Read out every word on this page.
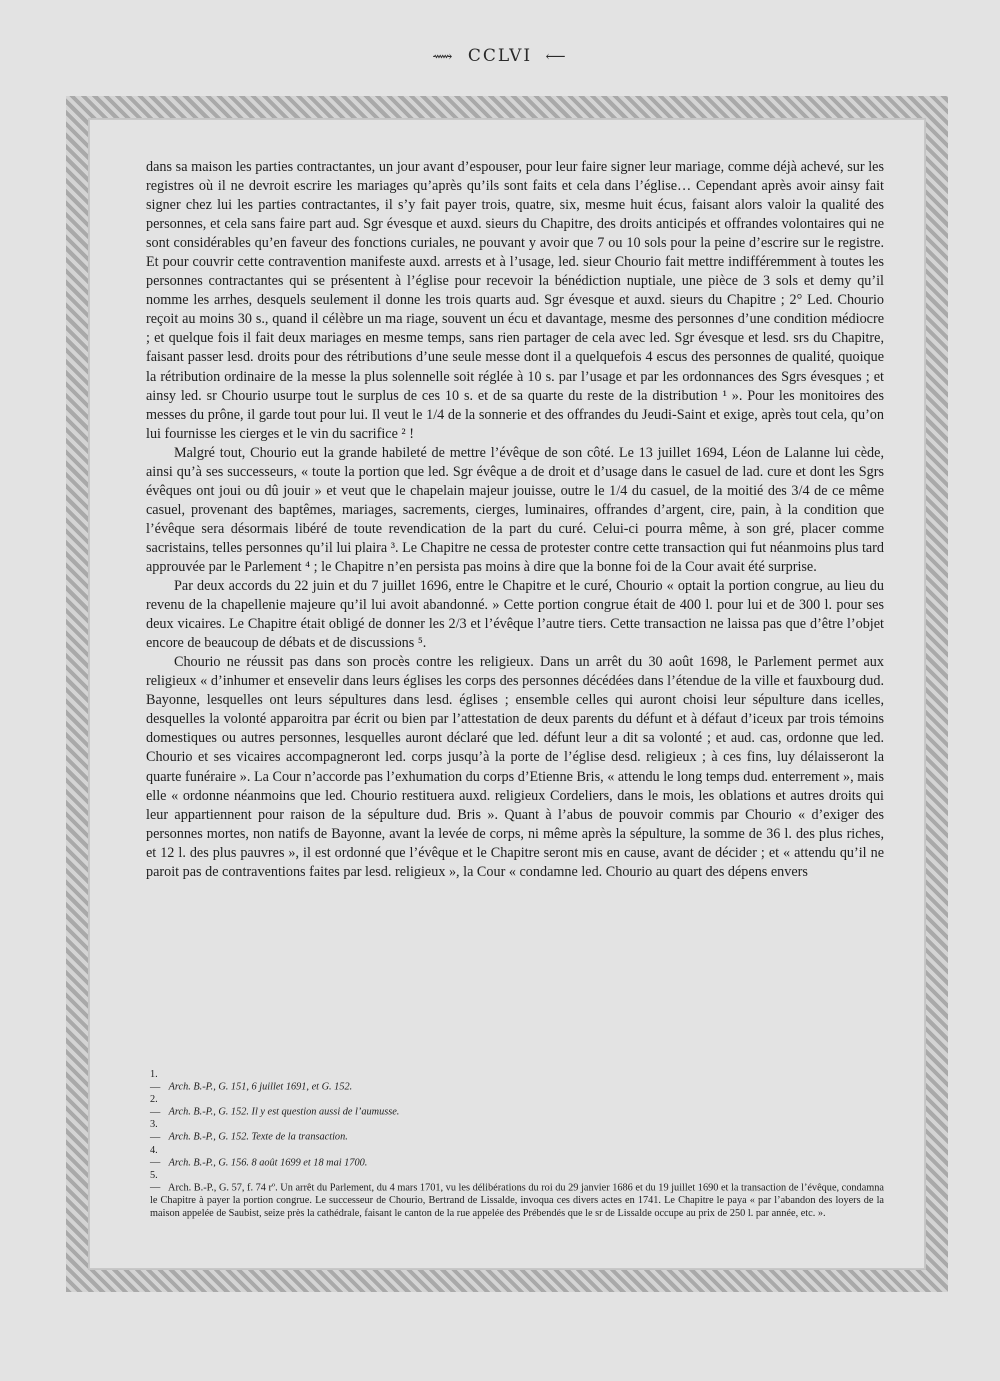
⟿ CCLVI ⟵

dans sa maison les parties contractantes, un jour avant d’espouser, pour leur faire signer leur mariage, comme déjà achevé, sur les registres où il ne devroit escrire les mariages qu’après qu’ils sont faits et cela dans l’église… Cependant après avoir ainsy fait signer chez lui les parties contractantes, il s’y fait payer trois, quatre, six, mesme huit écus, faisant alors valoir la qualité des personnes, et cela sans faire part aud. Sgr évesque et auxd. sieurs du Chapitre, des droits anticipés et offrandes volontaires qui ne sont considérables qu’en faveur des fonctions curiales, ne pouvant y avoir que 7 ou 10 sols pour la peine d’escrire sur le registre. Et pour couvrir cette contravention manifeste auxd. arrests et à l’usage, led. sieur Chourio fait mettre indifféremment à toutes les personnes contractantes qui se présentent à l’église pour recevoir la bénédiction nuptiale, une pièce de 3 sols et demy qu’il nomme les arrhes, desquels seulement il donne les trois quarts aud. Sgr évesque et auxd. sieurs du Chapitre ; 2° Led. Chourio reçoit au moins 30 s., quand il célèbre un ma riage, souvent un écu et davantage, mesme des personnes d’une condition médiocre ; et quelque fois il fait deux mariages en mesme temps, sans rien partager de cela avec led. Sgr évesque et lesd. srs du Chapitre, faisant passer lesd. droits pour des rétributions d’une seule messe dont il a quelquefois 4 escus des personnes de qualité, quoique la rétribution ordinaire de la messe la plus solennelle soit réglée à 10 s. par l’usage et par les ordonnances des Sgrs évesques ; et ainsy led. sr Chourio usurpe tout le surplus de ces 10 s. et de sa quarte du reste de la distribution ¹ ». Pour les monitoires des messes du prône, il garde tout pour lui. Il veut le 1/4 de la sonnerie et des offrandes du Jeudi-Saint et exige, après tout cela, qu’on lui fournisse les cierges et le vin du sacrifice ² !

Malgré tout, Chourio eut la grande habileté de mettre l’évêque de son côté. Le 13 juillet 1694, Léon de Lalanne lui cède, ainsi qu’à ses successeurs, « toute la portion que led. Sgr évêque a de droit et d’usage dans le casuel de lad. cure et dont les Sgrs évêques ont joui ou dû jouir » et veut que le chapelain majeur jouisse, outre le 1/4 du casuel, de la moitié des 3/4 de ce même casuel, provenant des baptêmes, mariages, sacrements, cierges, luminaires, offrandes d’argent, cire, pain, à la condition que l’évêque sera désormais libéré de toute revendication de la part du curé. Celui-ci pourra même, à son gré, placer comme sacristains, telles personnes qu’il lui plaira ³. Le Chapitre ne cessa de protester contre cette transaction qui fut néanmoins plus tard approuvée par le Parlement ⁴ ; le Chapitre n’en persista pas moins à dire que la bonne foi de la Cour avait été surprise.

Par deux accords du 22 juin et du 7 juillet 1696, entre le Chapitre et le curé, Chourio « optait la portion congrue, au lieu du revenu de la chapellenie majeure qu’il lui avoit abandonné. » Cette portion congrue était de 400 l. pour lui et de 300 l. pour ses deux vicaires. Le Chapitre était obligé de donner les 2/3 et l’évêque l’autre tiers. Cette transaction ne laissa pas que d’être l’objet encore de beaucoup de débats et de discussions ⁵.

Chourio ne réussit pas dans son procès contre les religieux. Dans un arrêt du 30 août 1698, le Parlement permet aux religieux « d’inhumer et ensevelir dans leurs églises les corps des personnes décédées dans l’étendue de la ville et fauxbourg dud. Bayonne, lesquelles ont leurs sépultures dans lesd. églises ; ensemble celles qui auront choisi leur sépulture dans icelles, desquelles la volonté apparoitra par écrit ou bien par l’attestation de deux parents du défunt et à défaut d’iceux par trois témoins domestiques ou autres personnes, lesquelles auront déclaré que led. défunt leur a dit sa volonté ; et aud. cas, ordonne que led. Chourio et ses vicaires accompagneront led. corps jusqu’à la porte de l’église desd. religieux ; à ces fins, luy délaisseront la quarte funéraire ». La Cour n’accorde pas l’exhumation du corps d’Etienne Bris, « attendu le long temps dud. enterrement », mais elle « ordonne néanmoins que led. Chourio restituera auxd. religieux Cordeliers, dans le mois, les oblations et autres droits qui leur appartiennent pour raison de la sépulture dud. Bris ». Quant à l’abus de pouvoir commis par Chourio « d’exiger des personnes mortes, non natifs de Bayonne, avant la levée de corps, ni même après la sépulture, la somme de 36 l. des plus riches, et 12 l. des plus pauvres », il est ordonné que l’évêque et le Chapitre seront mis en cause, avant de décider ; et « attendu qu’il ne paroit pas de contraventions faites par lesd. religieux », la Cour « condamne led. Chourio au quart des dépens envers

1. — Arch. B.-P., G. 151, 6 juillet 1691, et G. 152.

2. — Arch. B.-P., G. 152. Il y est question aussi de l’aumusse.

3. — Arch. B.-P., G. 152. Texte de la transaction.

4. — Arch. B.-P., G. 156. 8 août 1699 et 18 mai 1700.

5. — Arch. B.-P., G. 57, f. 74 rº. Un arrêt du Parlement, du 4 mars 1701, vu les délibérations du roi du 29 janvier 1686 et du 19 juillet 1690 et la transaction de l’évêque, condamna le Chapitre à payer la portion congrue. Le successeur de Chourio, Bertrand de Lissalde, invoqua ces divers actes en 1741. Le Chapitre le paya « par l’abandon des loyers de la maison appelée de Saubist, seize près la cathédrale, faisant le canton de la rue appelée des Prébendés que le sr de Lissalde occupe au prix de 250 l. par année, etc. ».
